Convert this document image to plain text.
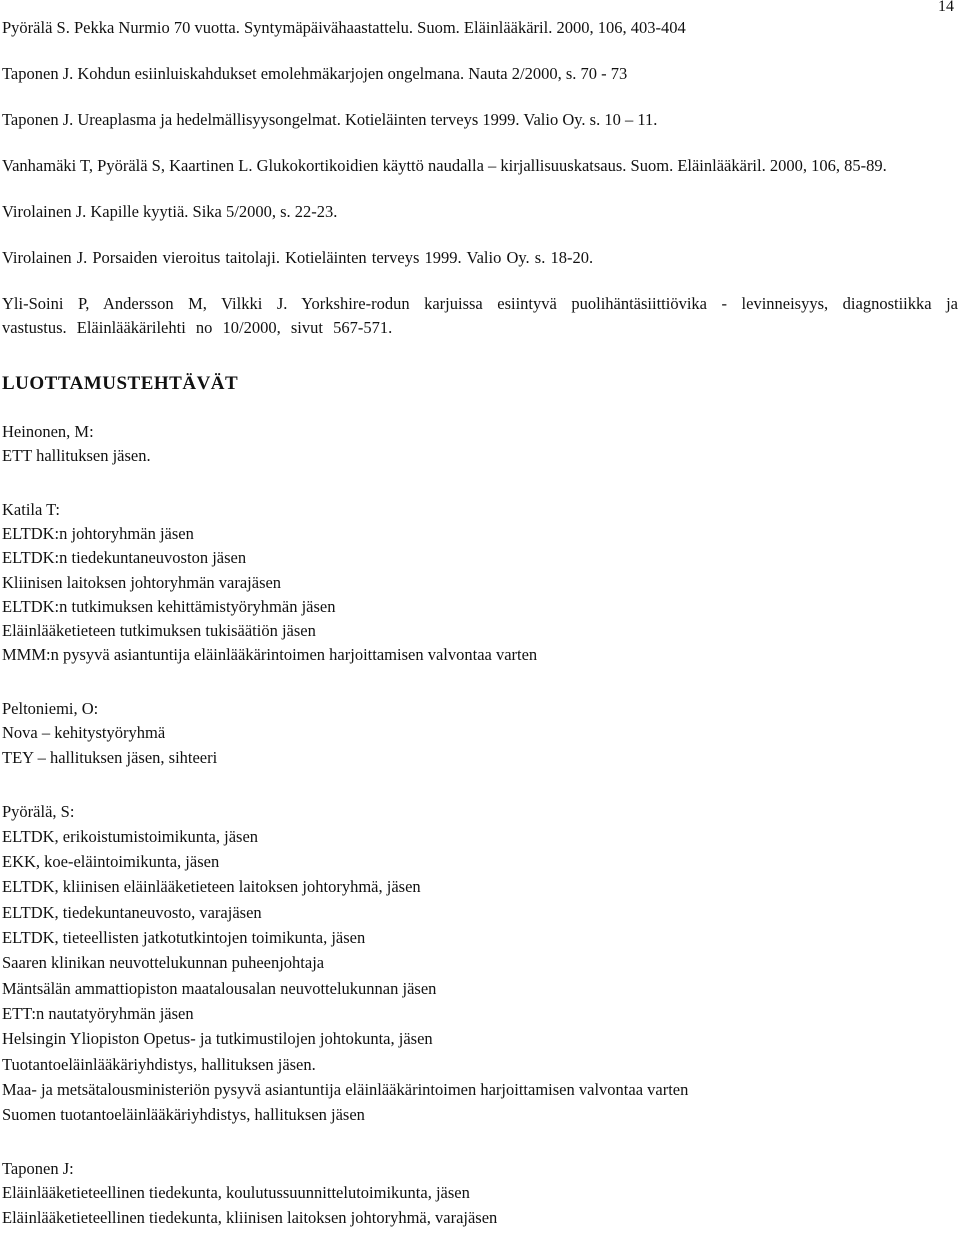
14

Pyörälä S. Pekka Nurmio 70 vuotta. Syntymäpäivähaastattelu. Suom. Eläinlääkäril. 2000, 106, 403-404

Taponen J. Kohdun esiinluiskahdukset emolehmäkarjojen ongelmana. Nauta 2/2000, s. 70 - 73

Taponen J. Ureaplasma ja hedelmällisyysongelmat. Kotieläinten terveys 1999. Valio Oy. s. 10 – 11.

Vanhamäki T, Pyörälä S, Kaartinen L. Glukokortikoidien käyttö naudalla – kirjallisuuskatsaus. Suom. Eläinlääkäril. 2000, 106, 85-89.

Virolainen J. Kapille kyytiä. Sika 5/2000, s. 22-23.

Virolainen J. Porsaiden vieroitus taitolaji. Kotieläinten terveys 1999. Valio Oy. s. 18-20.

Yli-Soini P, Andersson M, Vilkki J. Yorkshire-rodun karjuissa esiintyvä puolihäntäsiittiövika - levinneisyys, diagnostiikka ja vastustus. Eläinlääkärilehti no 10/2000, sivut 567-571.

LUOTTAMUSTEHTÄVÄT
Heinonen, M:
ETT hallituksen jäsen.
Katila T:
ELTDK:n johtoryhmän jäsen
ELTDK:n tiedekuntaneuvoston jäsen
Kliinisen laitoksen johtoryhmän varajäsen
ELTDK:n tutkimuksen kehittämistyöryhmän jäsen
Eläinlääketieteen tutkimuksen tukisäätiön jäsen
MMM:n pysyvä asiantuntija eläinlääkärintoimen harjoittamisen valvontaa varten
Peltoniemi, O:
Nova – kehitystyöryhmä
TEY – hallituksen jäsen, sihteeri
Pyörälä, S:
ELTDK, erikoistumistoimikunta, jäsen
EKK, koe-eläintoimikunta, jäsen
ELTDK, kliinisen eläinlääketieteen laitoksen johtoryhmä, jäsen
ELTDK, tiedekuntaneuvosto, varajäsen
ELTDK, tieteellisten jatkotutkintojen toimikunta, jäsen
Saaren klinikan neuvottelukunnan puheenjohtaja
Mäntsälän ammattiopiston maatalousalan neuvottelukunnan jäsen
ETT:n nautatyöryhmän jäsen
Helsingin Yliopiston Opetus- ja tutkimustilojen johtokunta, jäsen
Tuotantoeläinlääkäriyhdistys, hallituksen jäsen.
Maa- ja metsätalousministeriön pysyvä asiantuntija eläinlääkärintoimen harjoittamisen valvontaa varten
Suomen tuotantoeläinlääkäriyhdistys, hallituksen jäsen
Taponen J:
Eläinlääketieteellinen tiedekunta, koulutussuunnittelutoimikunta, jäsen
Eläinlääketieteellinen tiedekunta, kliinisen laitoksen johtoryhmä, varajäsen
